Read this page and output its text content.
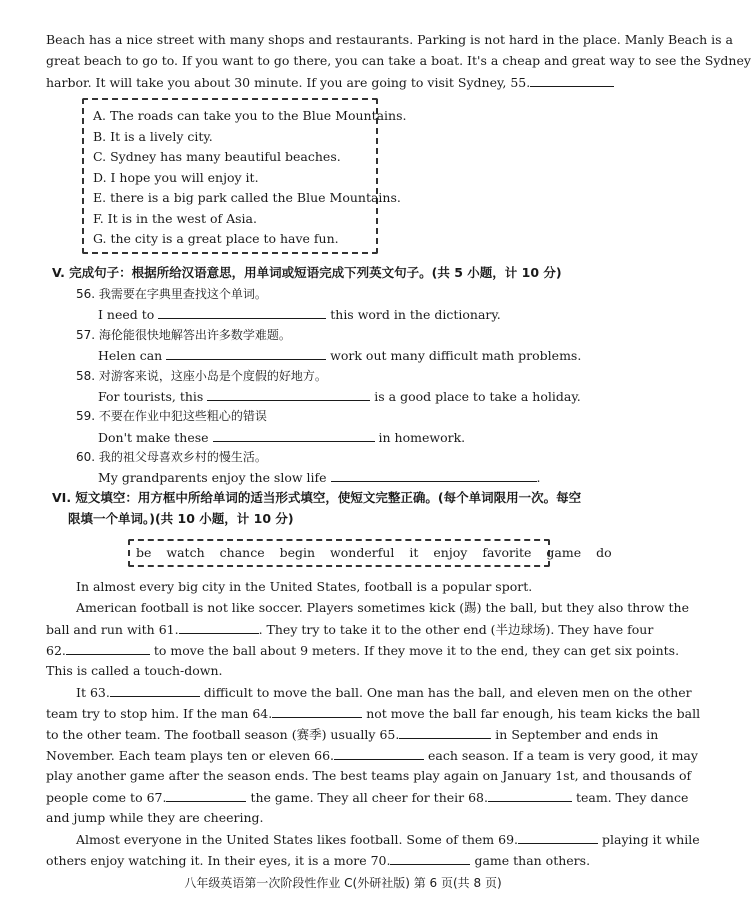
Beach has a nice street with many shops and restaurants. Parking is not hard in the place. Manly Beach is a
great beach to go to. If you want to go there, you can take a boat. It's a cheap and great way to see the Sydney
harbor. It will take you about 30 minute. If you are going to visit Sydney, 55.
A. The roads can take you to the Blue Mountains.
B. It is a lively city.
C. Sydney has many beautiful beaches.
D. I hope you will enjoy it.
E. there is a big park called the Blue Mountains.
F. It is in the west of Asia.
G. the city is a great place to have fun.
V. 完成句子：根据所给汉语意思，用单词或短语完成下列英文句子。(共 5 小题，计 10 分)
56. 我需要在字典里查找这个单词。
I need to	this word in the dictionary.
57. 海伦能很快地解答出许多数学难题。
Helen can	work out many difficult math problems.
58. 对游客来说，这座小岛是个度假的好地方。
For tourists, this	is a good place to take a holiday.
59. 不要在作业中犯这些粗心的错误
Don't make these	in homework.
60. 我的祖父母喜欢乡村的慢生活。
My grandparents enjoy the slow life	.
VI. 短文填空：用方框中所给单词的适当形式填空，使短文完整正确。(每个单词限用一次。每空
限填一个单词。)(共 10 小题，计 10 分)
be watch chance begin wonderful it enjoy favorite game do
In almost every big city in the United States, football is a popular sport.
American football is not like soccer. Players sometimes kick (踢) the ball, but they also throw the
ball and run with 61.	. They try to take it to the other end (半边球场). They have four
62.	to move the ball about 9 meters. If they move it to the end, they can get six points.
This is called a touch-down.
It 63.	difficult to move the ball. One man has the ball, and eleven men on the other
team try to stop him. If the man 64.	not move the ball far enough, his team kicks the ball
to the other team. The football season (赛季) usually 65.	in September and ends in
November. Each team plays ten or eleven 66.	each season. If a team is very good, it may
play another game after the season ends. The best teams play again on January 1st, and thousands of
people come to 67.	the game. They all cheer for their 68.	team. They dance
and jump while they are cheering.
Almost everyone in the United States likes football. Some of them 69.	playing it while
others enjoy watching it. In their eyes, it is a more 70.	game than others.
八年级英语第一次阶段性作业 C(外研社版) 第 6 页(共 8 页)
